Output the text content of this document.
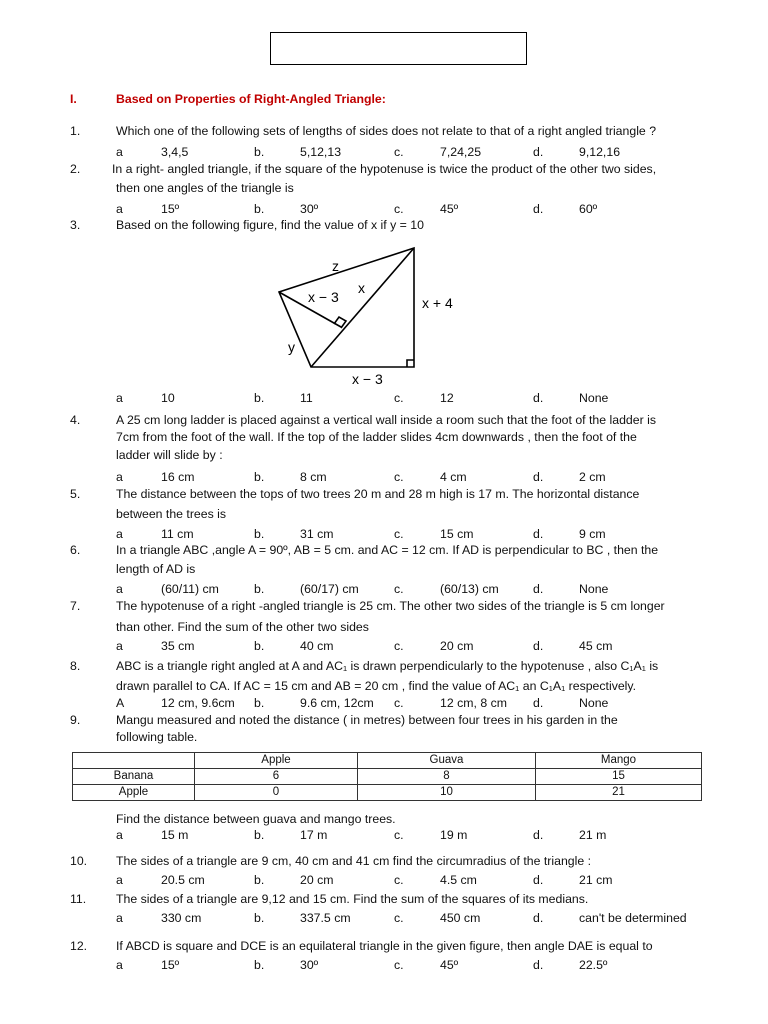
I.	Based on Properties of Right-Angled Triangle:
z
x − 3
x
x + 4
y
x − 3
	Apple	Guava	Mango
Banana	6	8	15
Apple	0	10	21
1.	Which one of the following sets of lengths of sides does not relate to that of a right angled triangle ?
a	3,4,5	b.	5,12,13	c.	7,24,25	d.	9,12,16
2.	In a right- angled triangle, if the square of the hypotenuse is twice the product of the other two sides,
then one angles of the triangle is
a	15º	b.	30º	c.	45º	d.	60º
3.	Based on the following figure, find the value of x if y = 10
a	10	b.	11	c.	12	d.	None
4.	A 25 cm long ladder is placed against a vertical wall inside a room such that the foot of the ladder is
7cm from the foot of the wall. If the top of the ladder slides 4cm downwards , then the foot of the
ladder will slide by :
a	16 cm	b.	8 cm	c.	4 cm	d.	2 cm
5.	The distance between the tops of two trees 20 m and 28 m high is 17 m. The horizontal distance
between the trees is
a	11 cm	b.	31 cm	c.	15 cm	d.	9 cm
6.	In a triangle ABC ,angle A = 90º, AB = 5 cm. and AC = 12 cm. If AD is perpendicular to BC , then the
length of AD is
a	(60/11) cm	b.	(60/17) cm	c.	(60/13) cm	d.	None
7.	The hypotenuse of a right -angled triangle is 25 cm. The other two sides of the triangle is 5 cm longer
than other. Find the sum of the other two sides
a	35 cm	b.	40 cm	c.	20 cm	d.	45 cm
8.	ABC is a triangle right angled at A and AC₁ is drawn perpendicularly to the hypotenuse , also C₁A₁ is
drawn parallel to CA. If AC = 15 cm and AB = 20 cm , find the value of AC₁ an C₁A₁ respectively.
A	12 cm, 9.6cm b.	9.6 cm, 12cm c.	12 cm, 8 cm d.	None
9.	Mangu measured and noted the distance ( in metres) between four trees in his garden in the
following table.
Find the distance between guava and mango trees.
a	15 m	b.	17 m	c.	19 m	d.	21 m
10. The sides of a triangle are 9 cm, 40 cm and 41 cm find the circumradius of the triangle :
a	20.5 cm	b.	20 cm	c.	4.5 cm	d.	21 cm
11. The sides of a triangle are 9,12 and 15 cm. Find the sum of the squares of its medians.
a	330 cm	b.	337.5 cm	c.	450 cm	d.	can't be determined
12. If ABCD is square and DCE is an equilateral triangle in the given figure, then angle DAE is equal to
a	15º	b.	30º	c.	45º	d.	22.5º
